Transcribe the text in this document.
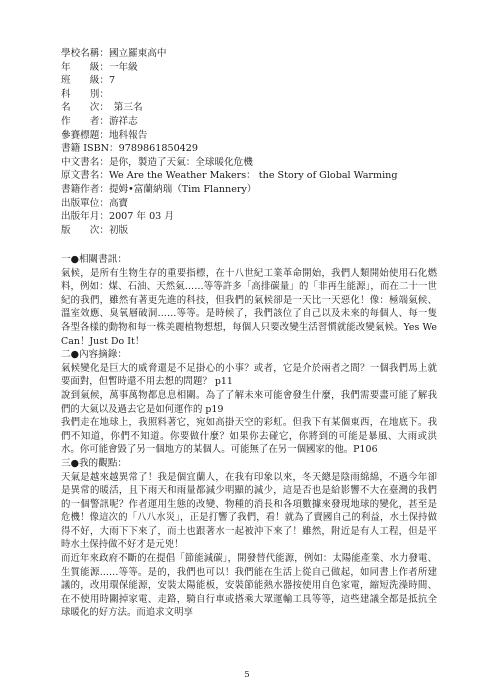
學校名稱：國立羅東高中
年　　級：一年級
班　　級：7
科　　別：
名　　次：　第三名
作　　者：游祥志
參賽標題：地科報告
書籍 ISBN：9789861850429
中文書名：是你，製造了天氣：全球暖化危機
原文書名：We Are the Weather Makers： the Story of Global Warming
書籍作者：提姆•富蘭納瑞（Tim Flannery）
出版單位：高寶
出版年月：2007 年 03 月
版　　次：初版
一●相關書訊：

氣候，是所有生物生存的重要指標，在十八世紀工業革命開始，我們人類開始使用石化燃料，例如：煤、石油、天然氣……等等許多「高排碳量」的「非再生能源」，而在二十一世紀的我們，雖然有著更先進的科技，但我們的氣候卻是一天比一天惡化！像：極端氣候、溫室效應、臭氧層破洞……等等。是時候了，我們該位了自己以及未來的每個人、每一隻各型各樣的動物和每一株美麗植物想想，每個人只要改變生活習慣就能改變氣候。Yes We Can！Just Do It！

二●內容摘錄：

氣候變化是巨大的威脅還是不足掛心的小事？或者，它是介於兩者之間？一個我們馬上就要面對，但暫時還不用去想的問題？ p11

說到氣候，萬事萬物都息息相關。為了了解未來可能會發生什麼，我們需要盡可能了解我們的大氣以及過去它是如何運作的 p19

我們走在地球上，我照料著它，宛如高掛天空的彩虹。但我下有某個東西，在地底下。我們不知道，你們不知道。你要做什麼？如果你去碰它，你將到的可能是暴風、大雨或洪水。你可能會毀了另一個地方的某個人。可能無了在另一個國家的他。P106

三●我的觀點：

天氣是越來越異常了！我是個宜蘭人，在我有印象以來，冬天總是陰雨綿綿，不過今年卻是異常的暖活，且下雨天和雨量都減少明顯的減少，這是否也是給影響不大在臺灣的我們的一個警訊呢？作者運用生態的改變、物種的消長和各項數據來發現地球的變化，甚至是危機！像這次的「八八水災」，正是打響了我們，看！就為了賣國自己的利益，水土保持做得不好，大雨下下來了，而土也跟著水一起被沖下來了！雖然，附近是有人工程，但是平時水土保持做不好才是元兇！

而近年來政府不斷的在提倡「節能減碳」，開發替代能源，例如：太陽能產業、水力發電、生質能源……等等。是的，我們也可以！我們能在生活上從自己做起，如同書上作者所建議的，改用環保能源，安裝太陽能板，安裝節能熱水器按使用自色家電，縮短洗澡時間、在不使用時關掉家電、走路，騎自行車或搭乘大眾運輸工具等等，這些建議全都是抵抗全球暖化的好方法。而追求文明享

5
